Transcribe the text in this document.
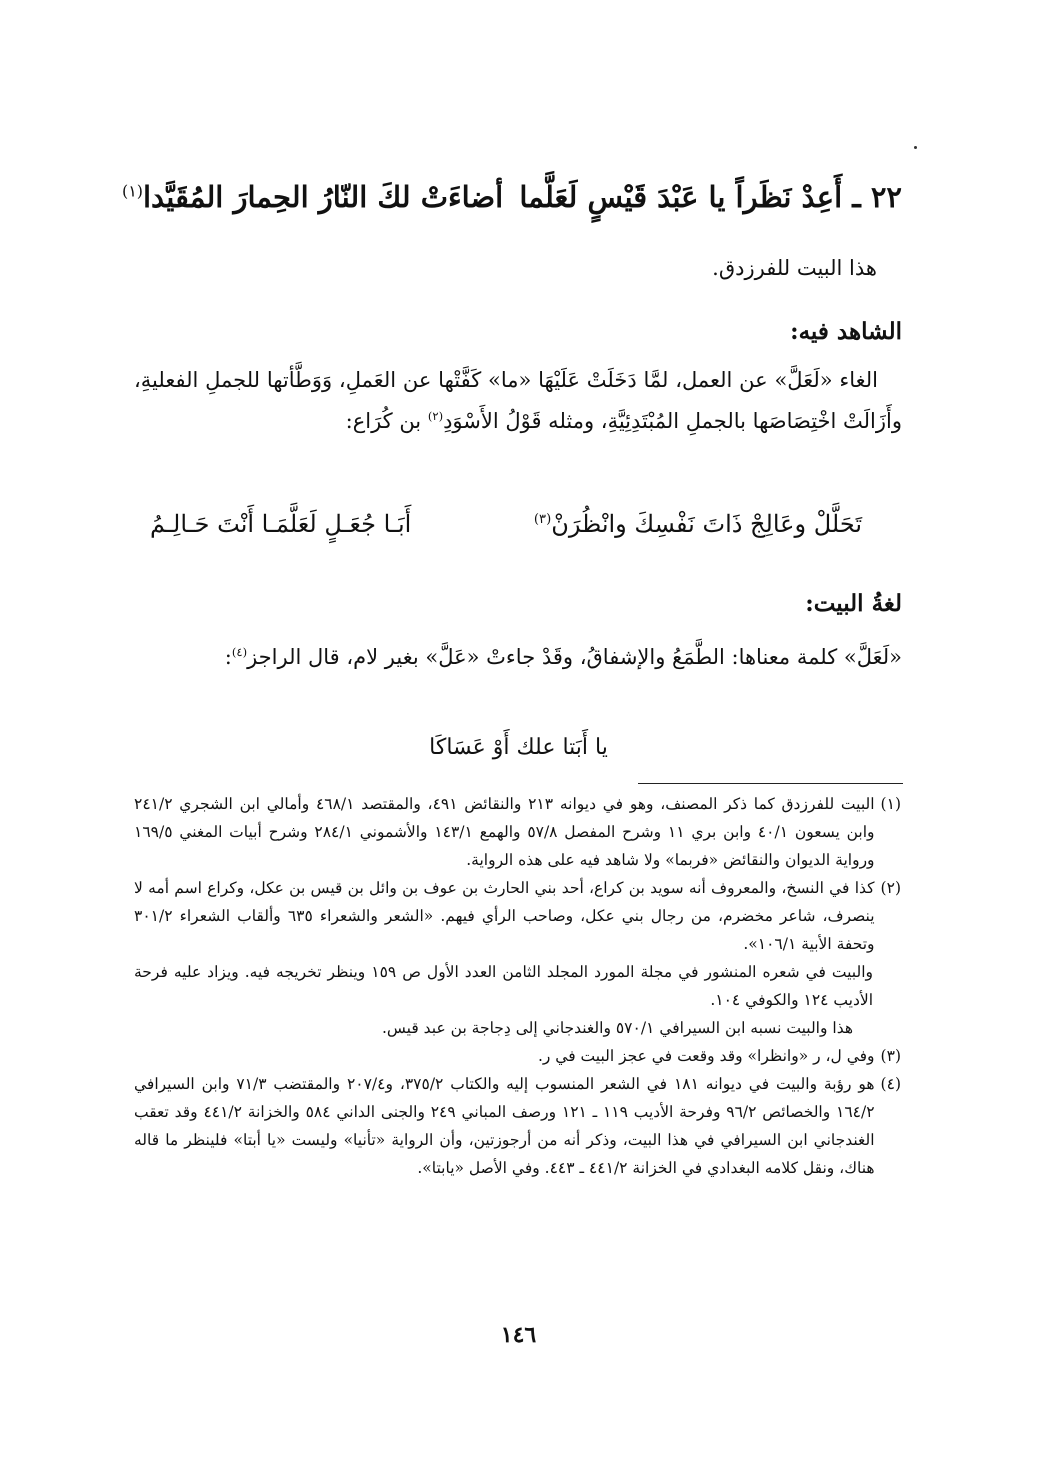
٢٢ ـ أَعِدْ نَظَراً يا عَبْدَ قَيْسٍ لَعَلَّما
أضاءَتْ لكَ النّارُ الحِمارَ المُقَيَّدا$^{(١)}$
هذا البيت للفرزدق.
الشاهد فيه:
الغاء «لَعَلَّ» عن العمل، لمَّا دَخَلَتْ عَلَيْهَا «ما» كَفَّتْها عن العَملِ، وَوَطَّأتها للجملِ الفعليةِ، وأَزَالَتْ اخْتِصَاصَها بالجملِ المُبْتَدِئِيَّةِ، ومثله قَوْلُ الأَسْوَدِ$^{(٢)}$ بن كُرَاع:
تَحَلَّلْ وعَالِجْ ذَاتَ نَفْسِكَ وانْظُرَنْ$^{(٣)}$
أَبَـا جُعَـلٍ لَعَلَّمَـا أَنْتَ حَـالِـمُ
لغةُ البيت:
«لَعَلَّ» كلمة معناها: الطَّمَعُ والإشفاقُ، وقَدْ جاءتْ «عَلَّ» بغير لام، قال الراجز$^{(٤)}$:
يا أَبَتا علك أَوْ عَسَاكَا
(١)
البيت للفرزدق كما ذكر المصنف، وهو في ديوانه ٢١٣ والنقائض ٤٩١، والمقتصد ٤٦٨/١ وأمالي ابن الشجري ٢٤١/٢ وابن يسعون ٤٠/١ وابن بري ١١ وشرح المفصل ٥٧/٨ والهمع ١٤٣/١ والأشموني ٢٨٤/١ وشرح أبيات المغني ١٦٩/٥ ورواية الديوان والنقائض «فربما» ولا شاهد فيه على هذه الرواية.
(٢)
كذا في النسخ، والمعروف أنه سويد بن كراع، أحد بني الحارث بن عوف بن وائل بن قيس بن عكل، وكراع اسم أمه لا ينصرف، شاعر مخضرم، من رجال بني عكل، وصاحب الرأي فيهم. «الشعر والشعراء ٦٣٥ وألقاب الشعراء ٣٠١/٢ وتحفة الأبية ١٠٦/١».
والبيت في شعره المنشور في مجلة المورد المجلد الثامن العدد الأول ص ١٥٩ وينظر تخريجه فيه. ويزاد عليه فرحة الأديب ١٢٤ والكوفي ١٠٤.
هذا والبيت نسبه ابن السيرافي ٥٧٠/١ والغندجاني إلى دِجاجة بن عبد قيس.
(٣)
وفي ل، ر «وانظرا» وقد وقعت في عجز البيت في ر.
(٤)
هو رؤبة والبيت في ديوانه ١٨١ في الشعر المنسوب إليه والكتاب ٣٧٥/٢، و٢٠٧/٤ والمقتضب ٧١/٣ وابن السيرافي ١٦٤/٢ والخصائص ٩٦/٢ وفرحة الأديب ١١٩ ـ ١٢١ ورصف المباني ٢٤٩ والجنى الداني ٥٨٤ والخزانة ٤٤١/٢ وقد تعقب الغندجاني ابن السيرافي في هذا البيت، وذكر أنه من أرجوزتين، وأن الرواية «تأنيا» وليست «يا أبتا» فلينظر ما قاله هناك، ونقل كلامه البغدادي في الخزانة ٤٤١/٢ ـ ٤٤٣. وفي الأصل «يابتا».
١٤٦
